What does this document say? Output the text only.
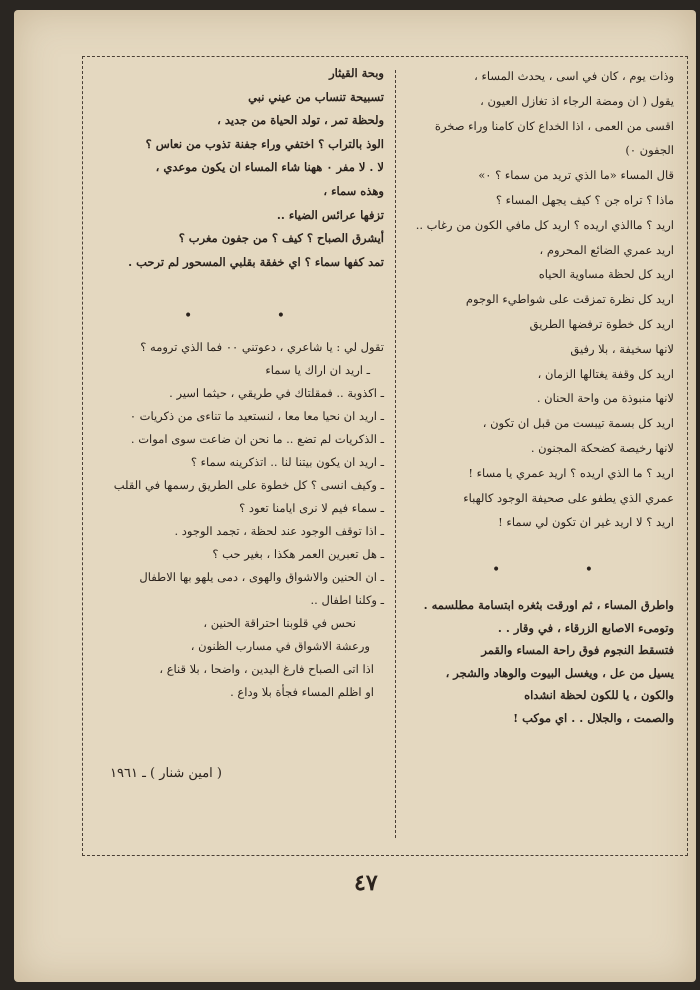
وذات يوم ، كان في اسى ، يحدث المساء ،

يقول ( ان ومضة الرجاء اذ تغازل العيون ،

اقسى من العمى ، اذا الخداع كان كامنا وراء صخرة

الجفون ٠)

قال المساء «ما الذي تريد من سماء ؟ ٠»

ماذا ؟ تراه جن ؟ كيف يجهل المساء ؟

اريد ؟ ماالذي اريده ؟ اريد كل مافي الكون من رغاب ..

اريد عمري الضائع المحروم ،

اريد كل لحظة مساوية الحياه

اريد كل نظرة تمزقت على شواطيء الوجوم

اريد كل خطوة ترفضها الطريق

لانها سخيفة ، بلا رفيق

اريد كل وقفة يغتالها الزمان ،

لانها منبوذة من واحة الحنان .

اريد كل بسمة تيبست من قبل ان تكون ،

لانها رخيصة كضحكة المجنون .

اريد ؟ ما الذي اريده ؟ اريد عمري يا مساء !

عمري الذي يطفو على صحيفة الوجود كالهباء

اريد ؟ لا اريد غير ان تكون لي سماء !

• •

واطرق المساء ، ثم اورقت بثغره ابتسامة مطلسمه .

وتومىء الاصابع الزرقاء ، في وقار . .

فتسقط النجوم فوق راحة المساء والقمر

يسيل من عل ، ويغسل البيوت والوهاد والشجر ،

والكون ، يا للكون لحظة انشداه

والصمت ، والجلال . . اي موكب !

وبحة القيثار

تسبيحة تنساب من عيني نبي

ولحظة تمر ، تولد الحياة من جديد ،

الوذ بالتراب ؟ اختفي وراء جفنة تذوب من نعاس ؟

لا . لا مفر ٠ ههنا شاء المساء ان يكون موعدي ،

وهذه سماء ،

تزفها عرائس الضياء ..

أيشرق الصباح ؟ كيف ؟ من جفون مغرب ؟

تمد كفها سماء ؟ اي خفقة بقلبي المسحور لم ترحب .

• •

تقول لي : يا شاعري ، دعوتني ٠٠ فما الذي ترومه ؟

ـ اريد ان اراك يا سماء

ـ اكذوبة .. فمقلتاك في طريقي ، حيثما اسير .

ـ اريد ان نحيا معا معا ، لنستعيد ما تناءى من ذكريات ٠

ـ الذكريات لم تضع .. ما نحن ان ضاعت سوى اموات .

ـ اريد ان يكون بيتنا لنا .. اتذكرينه سماء ؟

ـ وكيف انسى ؟ كل خطوة على الطريق رسمها في القلب

ـ سماء فيم لا نرى ايامنا تعود ؟

ـ اذا توقف الوجود عند لحظة ، تجمد الوجود .

ـ هل تعبرين العمر هكذا ، بغير حب ؟

ـ ان الحنين والاشواق والهوى ، دمى يلهو بها الاطفال

ـ وكلنا اطفال ..

نحس في قلوبنا احتراقة الحنين ،

ورعشة الاشواق في مسارب الظنون ،

اذا اتى الصباح فارغ اليدين ، واضحا ، بلا قناع ،

او اظلم المساء فجأة بلا وداع .

( امين شنار ) ـ ١٩٦١
٤٧
